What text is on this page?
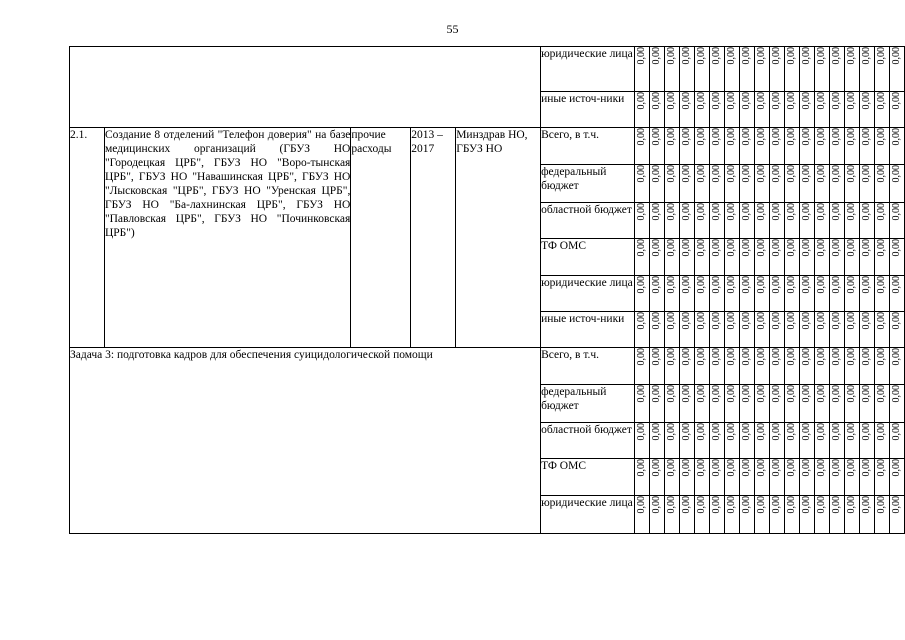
55
					юридические лица	0,00	0,00	0,00	0,00	0,00	0,00	0,00	0,00	0,00	0,00	0,00	0,00	0,00	0,00	0,00	0,00	0,00	0,00
					иные источ-ники	0,00	0,00	0,00	0,00	0,00	0,00	0,00	0,00	0,00	0,00	0,00	0,00	0,00	0,00	0,00	0,00	0,00	0,00
2.1.	Создание 8 отделений "Телефон доверия" на базе медицинских организаций (ГБУЗ НО "Городецкая ЦРБ", ГБУЗ НО "Воро-тынская ЦРБ", ГБУЗ НО "Навашинская ЦРБ", ГБУЗ НО "Лысковская "ЦРБ", ГБУЗ НО "Уренская ЦРБ", ГБУЗ НО "Ба-лахнинская ЦРБ", ГБУЗ НО "Павловская ЦРБ", ГБУЗ НО "Починковская ЦРБ")	прочие расходы	2013 – 2017	Минздрав НО, ГБУЗ НО	Всего, в т.ч.	0,00	0,00	0,00	0,00	0,00	0,00	0,00	0,00	0,00	0,00	0,00	0,00	0,00	0,00	0,00	0,00	0,00	0,00
					федеральный бюджет	0,00	0,00	0,00	0,00	0,00	0,00	0,00	0,00	0,00	0,00	0,00	0,00	0,00	0,00	0,00	0,00	0,00	0,00
					областной бюджет	0,00	0,00	0,00	0,00	0,00	0,00	0,00	0,00	0,00	0,00	0,00	0,00	0,00	0,00	0,00	0,00	0,00	0,00
					ТФ ОМС	0,00	0,00	0,00	0,00	0,00	0,00	0,00	0,00	0,00	0,00	0,00	0,00	0,00	0,00	0,00	0,00	0,00	0,00
					юридические лица	0,00	0,00	0,00	0,00	0,00	0,00	0,00	0,00	0,00	0,00	0,00	0,00	0,00	0,00	0,00	0,00	0,00	0,00
					иные источ-ники	0,00	0,00	0,00	0,00	0,00	0,00	0,00	0,00	0,00	0,00	0,00	0,00	0,00	0,00	0,00	0,00	0,00	0,00
Задача 3: подготовка кадров для обеспечения суицидологической помощи					Всего, в т.ч.	0,00	0,00	0,00	0,00	0,00	0,00	0,00	0,00	0,00	0,00	0,00	0,00	0,00	0,00	0,00	0,00	0,00	0,00
					федеральный бюджет	0,00	0,00	0,00	0,00	0,00	0,00	0,00	0,00	0,00	0,00	0,00	0,00	0,00	0,00	0,00	0,00	0,00	0,00
					областной бюджет	0,00	0,00	0,00	0,00	0,00	0,00	0,00	0,00	0,00	0,00	0,00	0,00	0,00	0,00	0,00	0,00	0,00	0,00
					ТФ ОМС	0,00	0,00	0,00	0,00	0,00	0,00	0,00	0,00	0,00	0,00	0,00	0,00	0,00	0,00	0,00	0,00	0,00	0,00
					юридические лица	0,00	0,00	0,00	0,00	0,00	0,00	0,00	0,00	0,00	0,00	0,00	0,00	0,00	0,00	0,00	0,00	0,00	0,00
